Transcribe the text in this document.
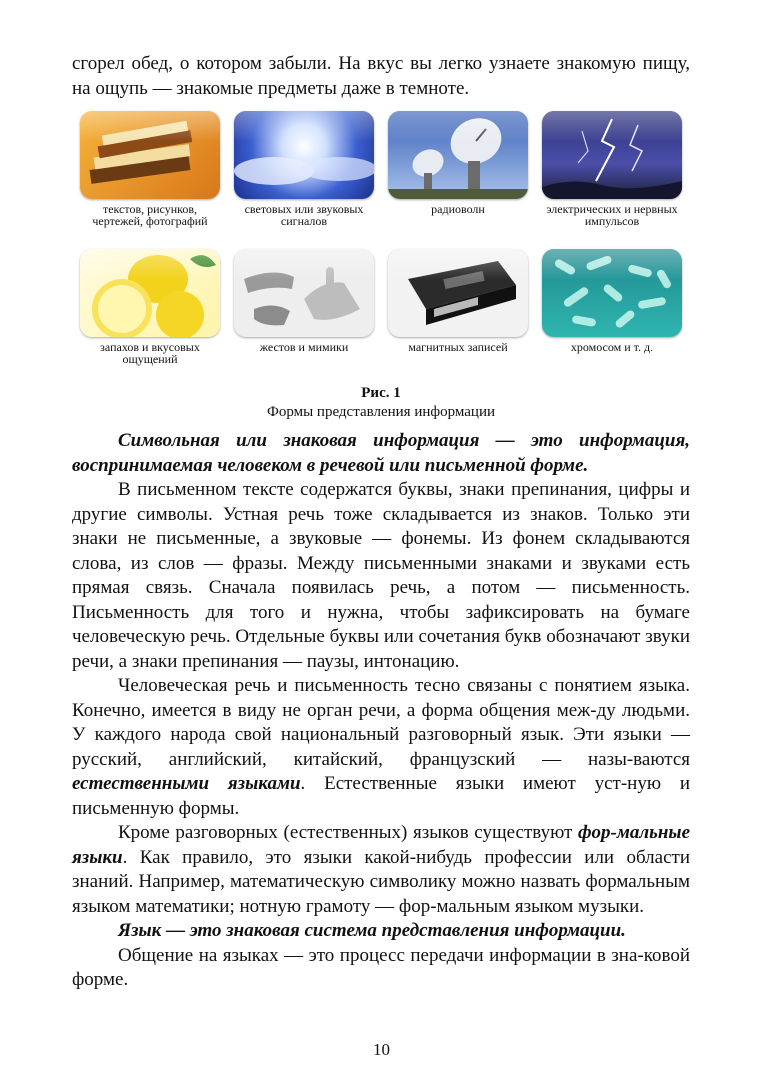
сгорел обед, о котором забыли. На вкус вы легко узнаете знакомую пищу, на ощупь — знакомые предметы даже в темноте.

текстов, рисунков, чертежей, фотографий
световых или звуковых сигналов
радиоволн	электрических и нервных импульсов
запахов и вкусовых ощущений
жестов и мимики	магнитных записей	хромосом и т. д.
Рис. 1
Формы представления информации

Символьная или знаковая информация — это информация, воспринимаемая человеком в речевой или письменной форме.

В письменном тексте содержатся буквы, знаки препинания, цифры и другие символы. Устная речь тоже складывается из знаков. Только эти знаки не письменные, а звуковые — фонемы. Из фонем складываются слова, из слов — фразы. Между письменными знаками и звуками есть прямая связь. Сначала появилась речь, а потом — письменность. Письменность для того и нужна, чтобы зафиксировать на бумаге человеческую речь. Отдельные буквы или сочетания букв обозначают звуки речи, а знаки препинания — паузы, интонацию.

Человеческая речь и письменность тесно связаны с понятием языка. Конечно, имеется в виду не орган речи, а форма общения меж-ду людьми. У каждого народа свой национальный разговорный язык. Эти языки — русский, английский, китайский, французский — назы-ваются естественными языками. Естественные языки имеют уст-ную и письменную формы.

Кроме разговорных (естественных) языков существуют фор-мальные языки. Как правило, это языки какой-нибудь профессии или области знаний. Например, математическую символику можно назвать формальным языком математики; нотную грамоту — фор-мальным языком музыки.

Язык — это знаковая система представления информации.

Общение на языках — это процесс передачи информации в зна-ковой форме.

10
